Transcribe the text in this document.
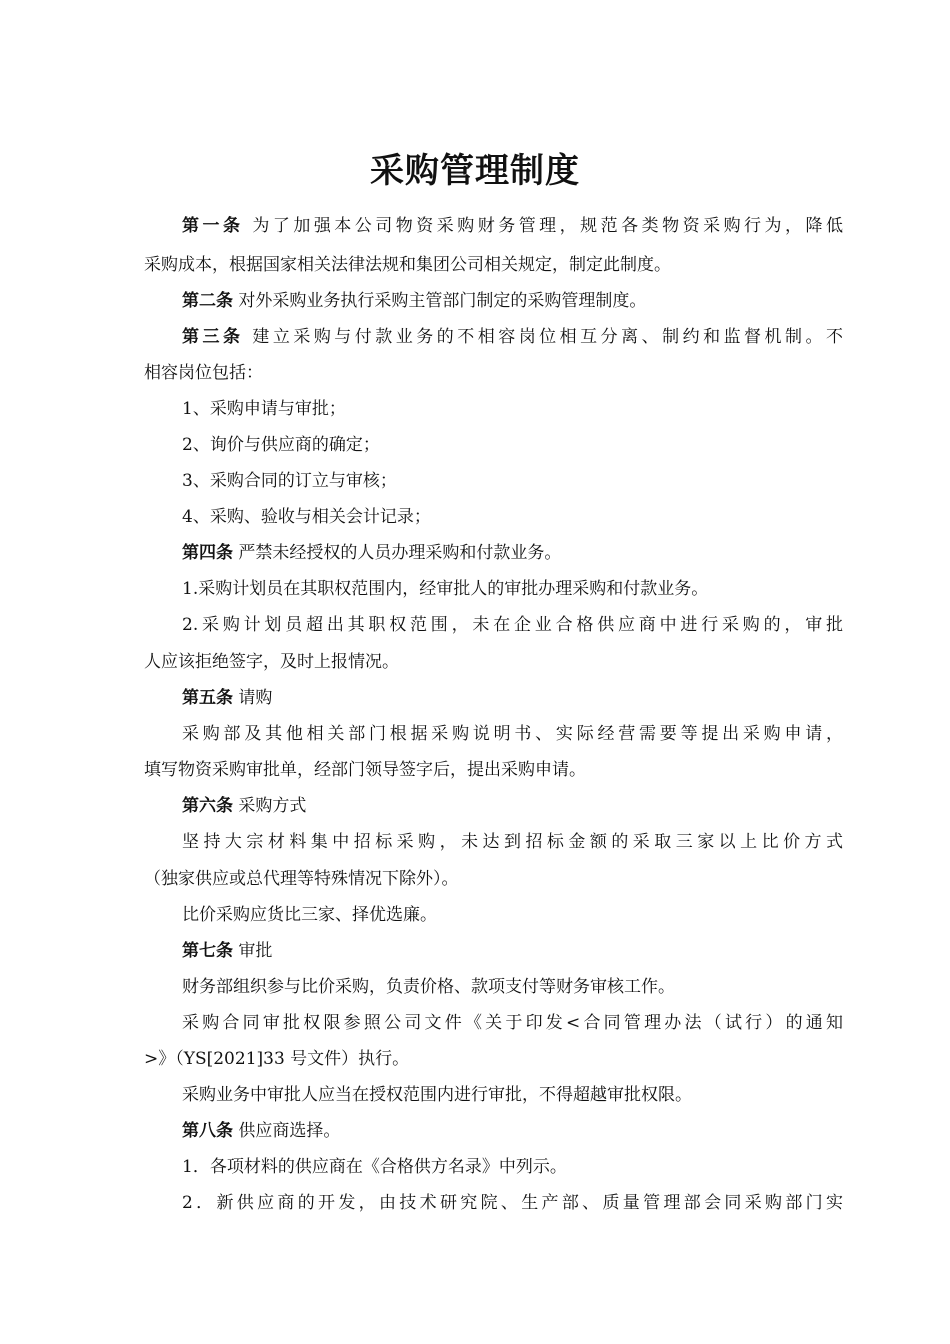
采购管理制度
第一条 为了加强本公司物资采购财务管理，规范各类物资采购行为，降低
采购成本，根据国家相关法律法规和集团公司相关规定，制定此制度。
第二条 对外采购业务执行采购主管部门制定的采购管理制度。
第三条 建立采购与付款业务的不相容岗位相互分离、制约和监督机制。不
相容岗位包括：
1、采购申请与审批；
2、询价与供应商的确定；
3、采购合同的订立与审核；
4、采购、验收与相关会计记录；
第四条 严禁未经授权的人员办理采购和付款业务。
1.采购计划员在其职权范围内，经审批人的审批办理采购和付款业务。
2.采购计划员超出其职权范围，未在企业合格供应商中进行采购的，审批
人应该拒绝签字，及时上报情况。
第五条 请购
采购部及其他相关部门根据采购说明书、实际经营需要等提出采购申请，
填写物资采购审批单，经部门领导签字后，提出采购申请。
第六条 采购方式
坚持大宗材料集中招标采购，未达到招标金额的采取三家以上比价方式
（独家供应或总代理等特殊情况下除外）。
比价采购应货比三家、择优选廉。
第七条 审批
财务部组织参与比价采购，负责价格、款项支付等财务审核工作。
采购合同审批权限参照公司文件《关于印发<合同管理办法（试行）的通知
>》（YS[2021]33 号文件）执行。
采购业务中审批人应当在授权范围内进行审批，不得超越审批权限。
第八条 供应商选择。
1．各项材料的供应商在《合格供方名录》中列示。
2．新供应商的开发，由技术研究院、生产部、质量管理部会同采购部门实
